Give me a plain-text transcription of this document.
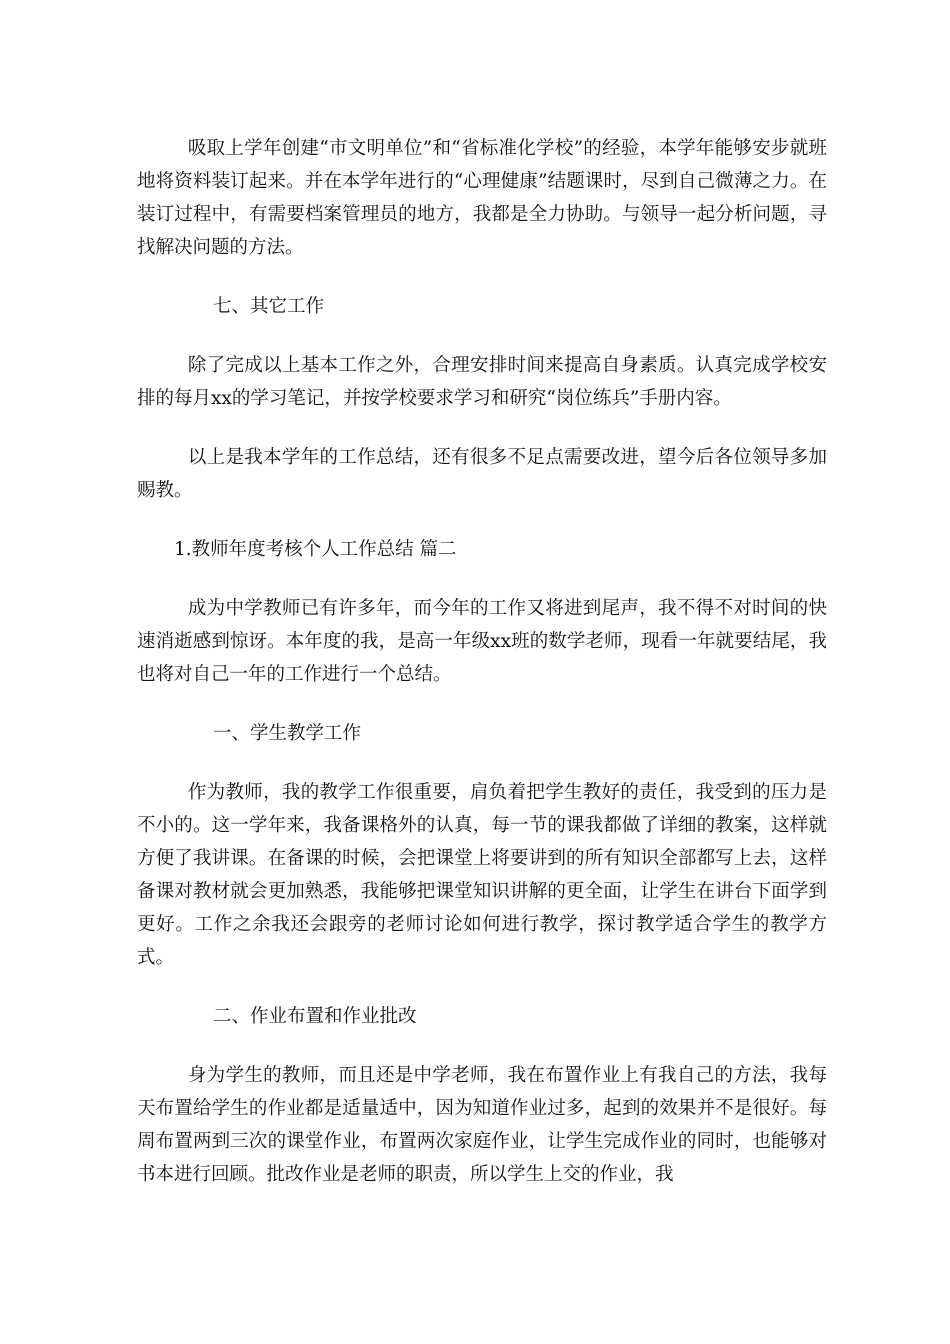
吸取上学年创建“市文明单位”和“省标准化学校”的经验，本学年能够安步就班地将资料装订起来。并在本学年进行的“心理健康”结题课时，尽到自己微薄之力。在装订过程中，有需要档案管理员的地方，我都是全力协助。与领导一起分析问题，寻找解决问题的方法。

七、其它工作

除了完成以上基本工作之外，合理安排时间来提高自身素质。认真完成学校安排的每月xx的学习笔记，并按学校要求学习和研究“岗位练兵”手册内容。

以上是我本学年的工作总结，还有很多不足点需要改进，望今后各位领导多加赐教。

1.教师年度考核个人工作总结 篇二

成为中学教师已有许多年，而今年的工作又将进到尾声，我不得不对时间的快速消逝感到惊讶。本年度的我，是高一年级xx班的数学老师，现看一年就要结尾，我也将对自己一年的工作进行一个总结。

一、学生教学工作

作为教师，我的教学工作很重要，肩负着把学生教好的责任，我受到的压力是不小的。这一学年来，我备课格外的认真，每一节的课我都做了详细的教案，这样就方便了我讲课。在备课的时候，会把课堂上将要讲到的所有知识全部都写上去，这样备课对教材就会更加熟悉，我能够把课堂知识讲解的更全面，让学生在讲台下面学到更好。工作之余我还会跟旁的老师讨论如何进行教学，探讨教学适合学生的教学方式。

二、作业布置和作业批改

身为学生的教师，而且还是中学老师，我在布置作业上有我自己的方法，我每天布置给学生的作业都是适量适中，因为知道作业过多，起到的效果并不是很好。每周布置两到三次的课堂作业，布置两次家庭作业，让学生完成作业的同时，也能够对书本进行回顾。批改作业是老师的职责，所以学生上交的作业，我
